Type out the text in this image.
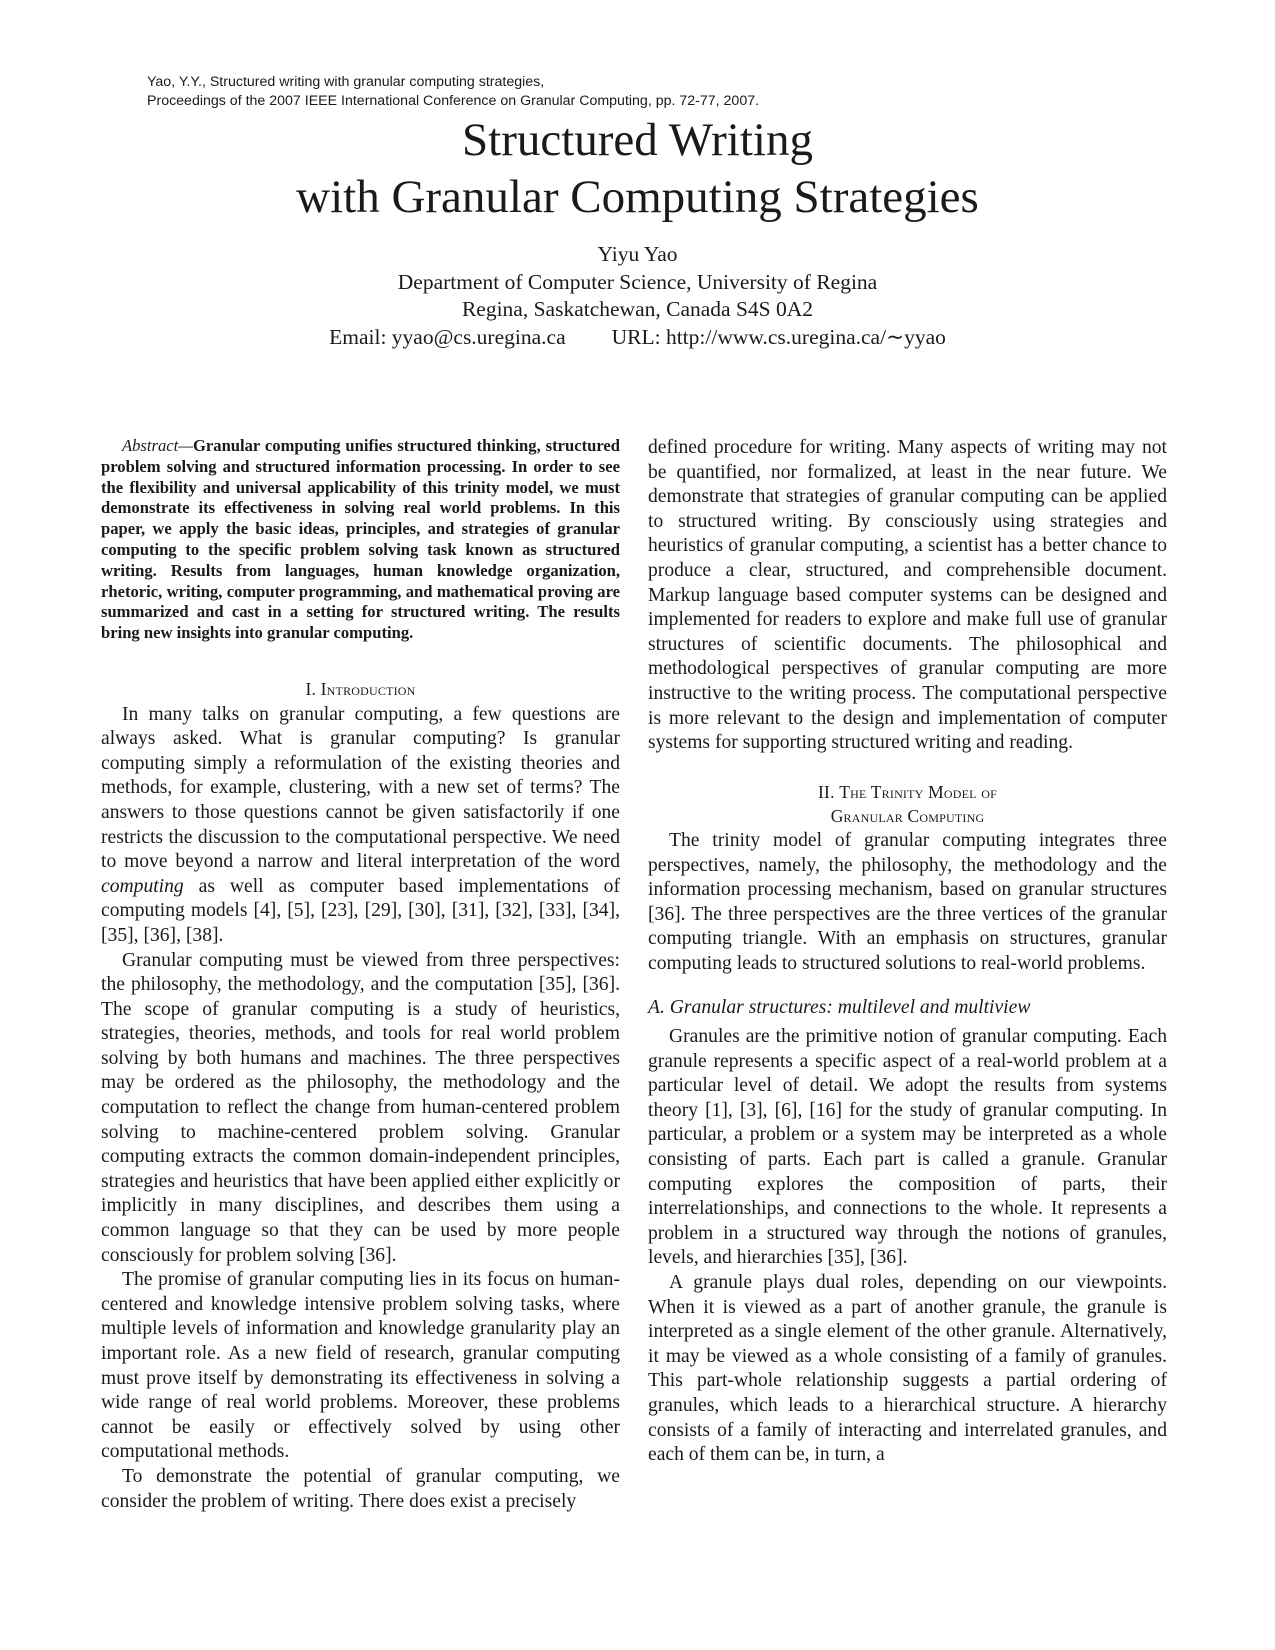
Yao, Y.Y., Structured writing with granular computing strategies,
Proceedings of the 2007 IEEE International Conference on Granular Computing, pp. 72-77, 2007.
Structured Writing
with Granular Computing Strategies
Yiyu Yao
Department of Computer Science, University of Regina
Regina, Saskatchewan, Canada S4S 0A2
Email: yyao@cs.uregina.ca URL: http://www.cs.uregina.ca/∼yyao

Abstract—Granular computing unifies structured thinking, structured problem solving and structured information processing. In order to see the flexibility and universal applicability of this trinity model, we must demonstrate its effectiveness in solving real world problems. In this paper, we apply the basic ideas, principles, and strategies of granular computing to the specific problem solving task known as structured writing. Results from languages, human knowledge organization, rhetoric, writing, computer programming, and mathematical proving are summarized and cast in a setting for structured writing. The results bring new insights into granular computing.

I. Introduction

In many talks on granular computing, a few questions are always asked. What is granular computing? Is granular computing simply a reformulation of the existing theories and methods, for example, clustering, with a new set of terms? The answers to those questions cannot be given satisfactorily if one restricts the discussion to the computational perspective. We need to move beyond a narrow and literal interpretation of the word computing as well as computer based implementations of computing models [4], [5], [23], [29], [30], [31], [32], [33], [34], [35], [36], [38].

Granular computing must be viewed from three perspectives: the philosophy, the methodology, and the computation [35], [36]. The scope of granular computing is a study of heuristics, strategies, theories, methods, and tools for real world problem solving by both humans and machines. The three perspectives may be ordered as the philosophy, the methodology and the computation to reflect the change from human-centered problem solving to machine-centered problem solving. Granular computing extracts the common domain-independent principles, strategies and heuristics that have been applied either explicitly or implicitly in many disciplines, and describes them using a common language so that they can be used by more people consciously for problem solving [36].

The promise of granular computing lies in its focus on human-centered and knowledge intensive problem solving tasks, where multiple levels of information and knowledge granularity play an important role. As a new field of research, granular computing must prove itself by demonstrating its effectiveness in solving a wide range of real world problems. Moreover, these problems cannot be easily or effectively solved by using other computational methods.

To demonstrate the potential of granular computing, we consider the problem of writing. There does exist a precisely

defined procedure for writing. Many aspects of writing may not be quantified, nor formalized, at least in the near future. We demonstrate that strategies of granular computing can be applied to structured writing. By consciously using strategies and heuristics of granular computing, a scientist has a better chance to produce a clear, structured, and comprehensible document. Markup language based computer systems can be designed and implemented for readers to explore and make full use of granular structures of scientific documents. The philosophical and methodological perspectives of granular computing are more instructive to the writing process. The computational perspective is more relevant to the design and implementation of computer systems for supporting structured writing and reading.

II. The Trinity Model of
Granular Computing

The trinity model of granular computing integrates three perspectives, namely, the philosophy, the methodology and the information processing mechanism, based on granular structures [36]. The three perspectives are the three vertices of the granular computing triangle. With an emphasis on structures, granular computing leads to structured solutions to real-world problems.

A. Granular structures: multilevel and multiview

Granules are the primitive notion of granular computing. Each granule represents a specific aspect of a real-world problem at a particular level of detail. We adopt the results from systems theory [1], [3], [6], [16] for the study of granular computing. In particular, a problem or a system may be interpreted as a whole consisting of parts. Each part is called a granule. Granular computing explores the composition of parts, their interrelationships, and connections to the whole. It represents a problem in a structured way through the notions of granules, levels, and hierarchies [35], [36].

A granule plays dual roles, depending on our viewpoints. When it is viewed as a part of another granule, the granule is interpreted as a single element of the other granule. Alternatively, it may be viewed as a whole consisting of a family of granules. This part-whole relationship suggests a partial ordering of granules, which leads to a hierarchical structure. A hierarchy consists of a family of interacting and interrelated granules, and each of them can be, in turn, a
